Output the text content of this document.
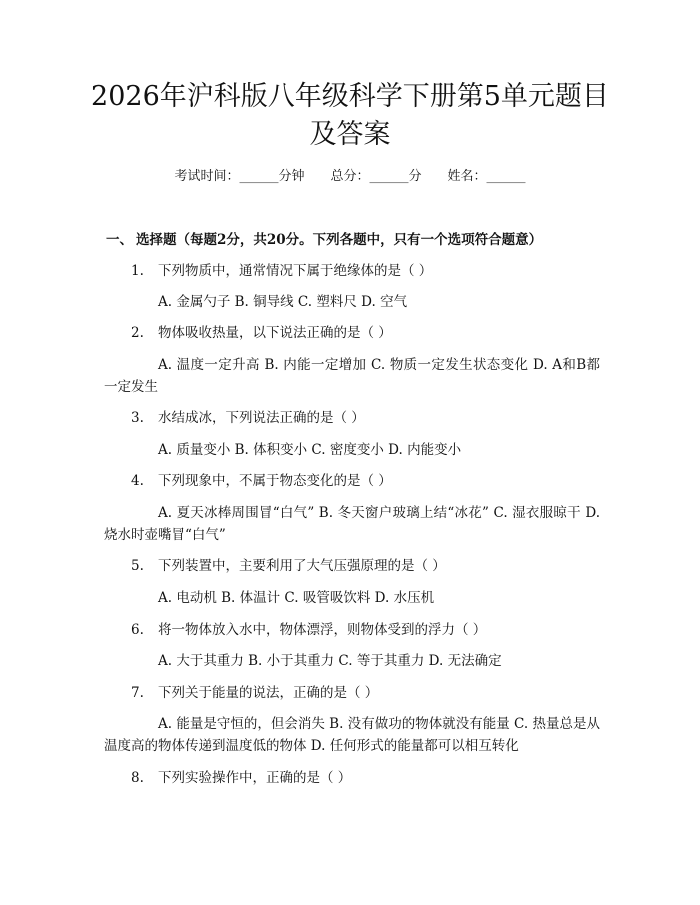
2026年沪科版八年级科学下册第5单元题目
及答案
考试时间：______分钟 总分：______分 姓名：______
一、 选择题（每题2分，共20分。下列各题中，只有一个选项符合题意）
1. 下列物质中，通常情况下属于绝缘体的是（ ）
A. 金属勺子 B. 铜导线 C. 塑料尺 D. 空气
2. 物体吸收热量，以下说法正确的是（ ）
A. 温度一定升高 B. 内能一定增加 C. 物质一定发生状态变化 D. A和B都一定发生
3. 水结成冰，下列说法正确的是（ ）
A. 质量变小 B. 体积变小 C. 密度变小 D. 内能变小
4. 下列现象中，不属于物态变化的是（ ）
A. 夏天冰棒周围冒“白气” B. 冬天窗户玻璃上结“冰花” C. 湿衣服晾干 D. 烧水时壶嘴冒“白气”
5. 下列装置中，主要利用了大气压强原理的是（ ）
A. 电动机 B. 体温计 C. 吸管吸饮料 D. 水压机
6. 将一物体放入水中，物体漂浮，则物体受到的浮力（ ）
A. 大于其重力 B. 小于其重力 C. 等于其重力 D. 无法确定
7. 下列关于能量的说法，正确的是（ ）
A. 能量是守恒的，但会消失 B. 没有做功的物体就没有能量 C. 热量总是从温度高的物体传递到温度低的物体 D. 任何形式的能量都可以相互转化
8. 下列实验操作中，正确的是（ ）
